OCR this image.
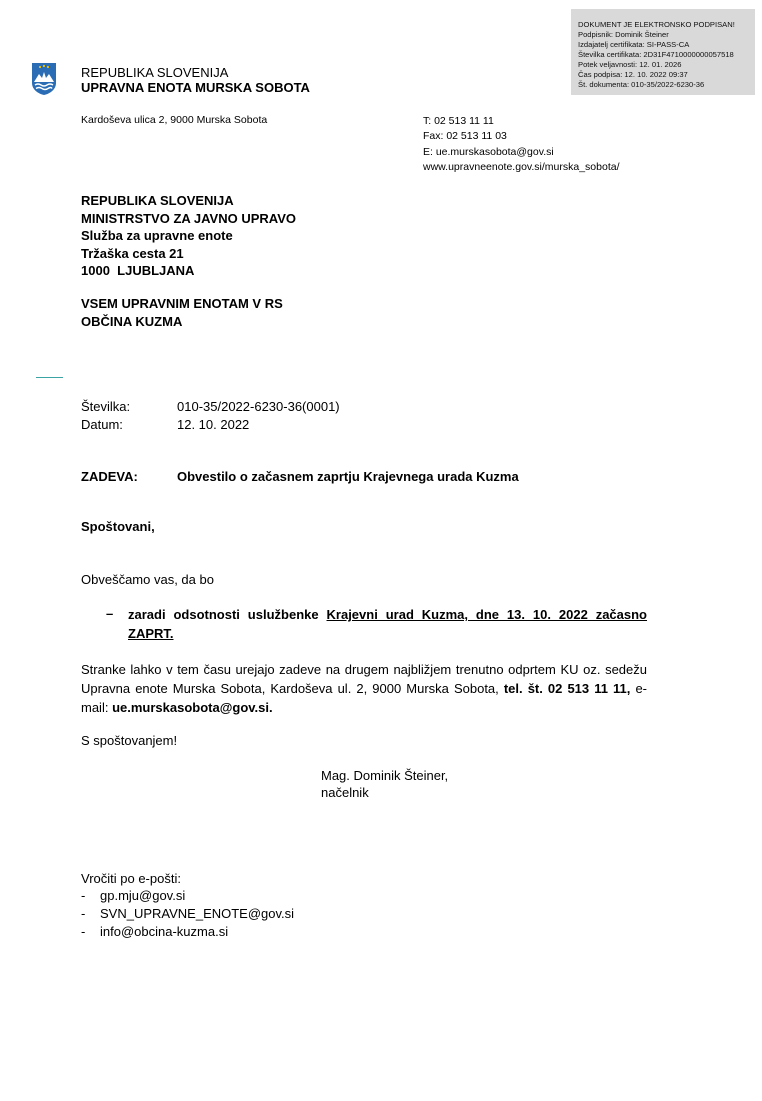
DOKUMENT JE ELEKTRONSKO PODPISAN!
Podpisnik: Dominik Šteiner
Izdajatelj certifikata: SI-PASS-CA
Številka certifikata: 2D31F4710000000057518
Potek veljavnosti: 12. 01. 2026
Čas podpisa: 12. 10. 2022 09:37
Št. dokumenta: 010-35/2022-6230-36
REPUBLIKA SLOVENIJA
UPRAVNA ENOTA MURSKA SOBOTA
Kardoševa ulica 2, 9000 Murska Sobota	T: 02 513 11 11
Fax: 02 513 11 03
E: ue.murskasobota@gov.si
www.upravneenote.gov.si/murska_sobota/
REPUBLIKA SLOVENIJA
MINISTRSTVO ZA JAVNO UPRAVO
Služba za upravne enote
Tržaška cesta 21
1000  LJUBLJANA
VSEM UPRAVNIM ENOTAM V RS
OBČINA KUZMA
Številka:	010-35/2022-6230-36(0001)
Datum:	12. 10. 2022
ZADEVA:	Obvestilo o začasnem zaprtju Krajevnega urada Kuzma
Spoštovani,
Obveščamo vas, da bo
– zaradi odsotnosti uslužbenke Krajevni urad Kuzma, dne 13. 10. 2022 začasno
ZAPRT.
Stranke lahko v tem času urejajo zadeve na drugem najbližjem trenutno odprtem KU oz. sedežu
Upravna enote Murska Sobota, Kardoševa ul. 2, 9000 Murska Sobota, tel. št. 02 513 11 11, e-
mail: ue.murskasobota@gov.si.
S spoštovanjem!
Mag. Dominik Šteiner,
načelnik
Vročiti po e-pošti:
-
-
-
gp.mju@gov.si
SVN_UPRAVNE_ENOTE@gov.si
info@obcina-kuzma.si
